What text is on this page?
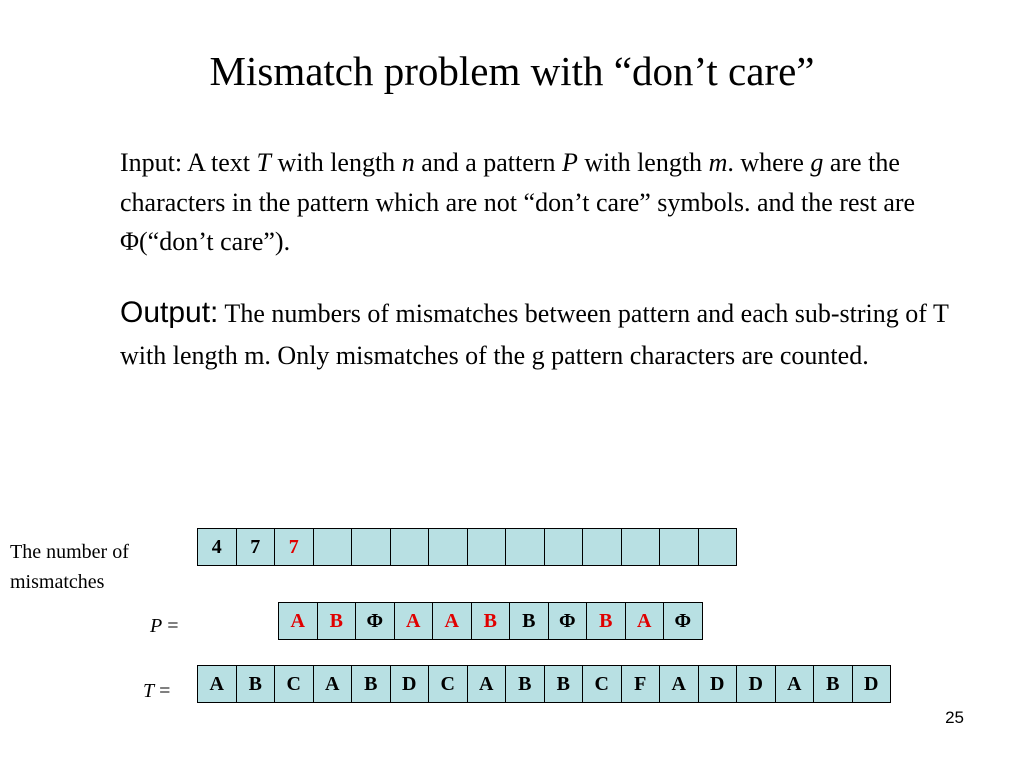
Mismatch problem with “don’t care”
Input: A text T with length n and a pattern P with length m. where g are the characters in the pattern which are not “don’t care” symbols. and the rest are Φ(“don’t care”).
Output: The numbers of mismatches between pattern and each sub-string of T with length m. Only mismatches of the g pattern characters are counted.
The number of
mismatches
4	7	7
P =	A	B	Φ	A	A	B	B	Φ	B	A	Φ
T =	A	B	C	A	B	D	C	A	B	B	C	F	A	D	D	A	B	D
25
